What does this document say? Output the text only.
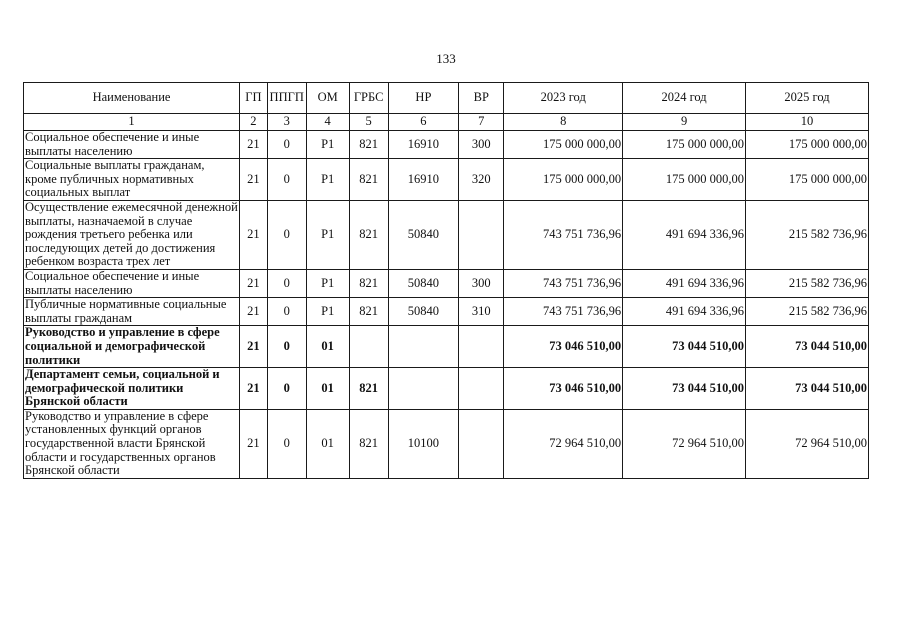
133
Наименование	ГП	ППГП	ОМ	ГРБС	НР	ВР	2023 год	2024 год	2025 год
1	2	3	4	5	6	7	8	9	10
Социальное обеспечение и иные выплаты населению	21	0	Р1	821	16910	300	175 000 000,00	175 000 000,00	175 000 000,00
Социальные выплаты гражданам, кроме публичных нормативных социальных выплат	21	0	Р1	821	16910	320	175 000 000,00	175 000 000,00	175 000 000,00
Осуществление ежемесячной денежной выплаты, назначаемой в случае рождения третьего ребенка или последующих детей до достижения ребенком возраста трех лет	21	0	Р1	821	50840		743 751 736,96	491 694 336,96	215 582 736,96
Социальное обеспечение и иные выплаты населению	21	0	Р1	821	50840	300	743 751 736,96	491 694 336,96	215 582 736,96
Публичные нормативные социальные выплаты гражданам	21	0	Р1	821	50840	310	743 751 736,96	491 694 336,96	215 582 736,96
Руководство и управление в сфере социальной и демографической политики	21	0	01				73 046 510,00	73 044 510,00	73 044 510,00
Департамент семьи, социальной и демографической политики Брянской области	21	0	01	821			73 046 510,00	73 044 510,00	73 044 510,00
Руководство и управление в сфере установленных функций органов государственной власти Брянской области и государственных органов Брянской области	21	0	01	821	10100		72 964 510,00	72 964 510,00	72 964 510,00
